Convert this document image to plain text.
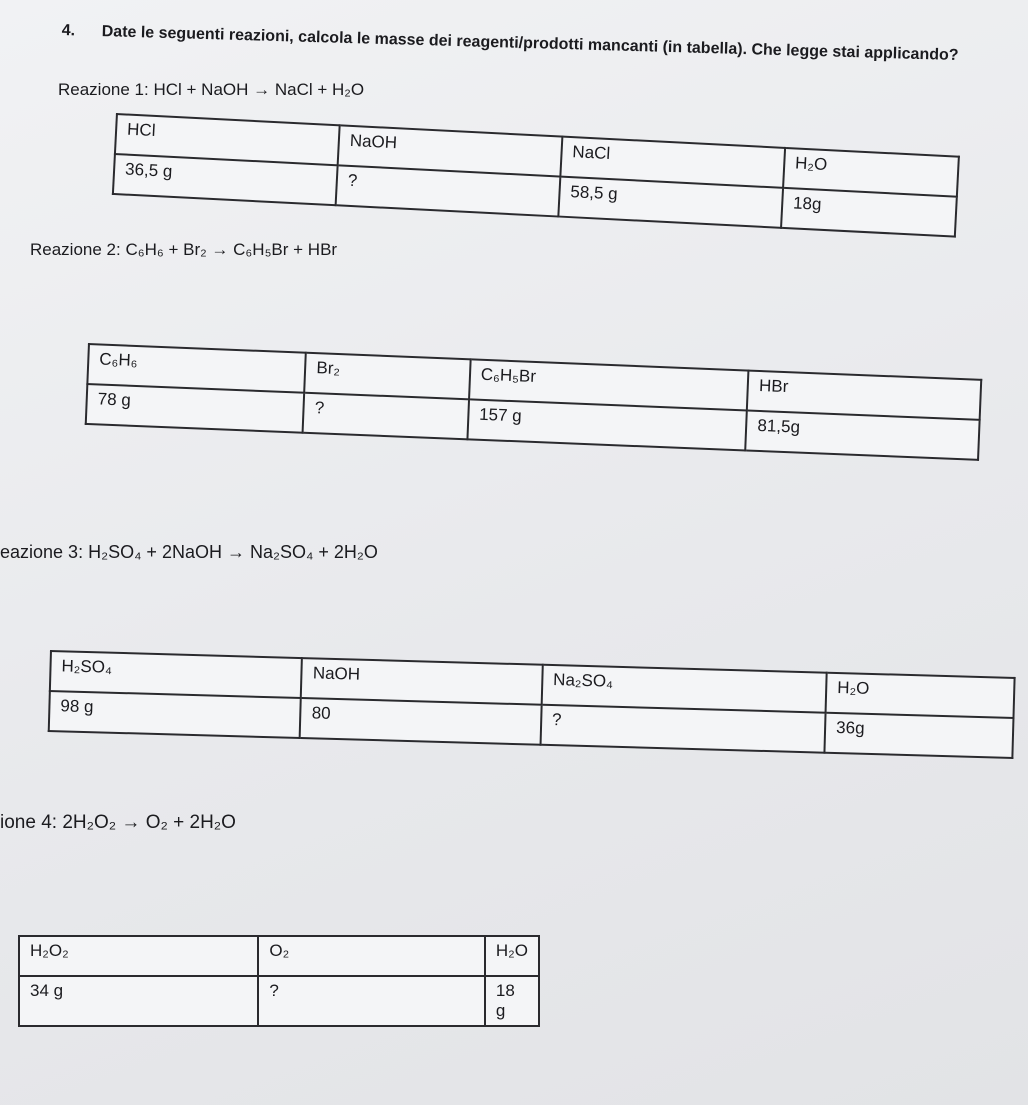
4. Date le seguenti reazioni, calcola le masse dei reagenti/prodotti mancanti (in tabella). Che legge stai applicando?
Reazione 1: HCl + NaOH → NaCl + H₂O
HCl	NaOH	NaCl	H₂O
36,5 g	?	58,5 g	18g
Reazione 2: C₆H₆ + Br₂ → C₆H₅Br + HBr
C₆H₆	Br₂	C₆H₅Br	HBr
78 g	?	157 g	81,5g
eazione 3: H₂SO₄ + 2NaOH → Na₂SO₄ + 2H₂O
H₂SO₄	NaOH	Na₂SO₄	H₂O
98 g	80	?	36g
ione 4: 2H₂O₂ → O₂ + 2H₂O
H₂O₂	O₂	H₂O
34 g	?	18 g
